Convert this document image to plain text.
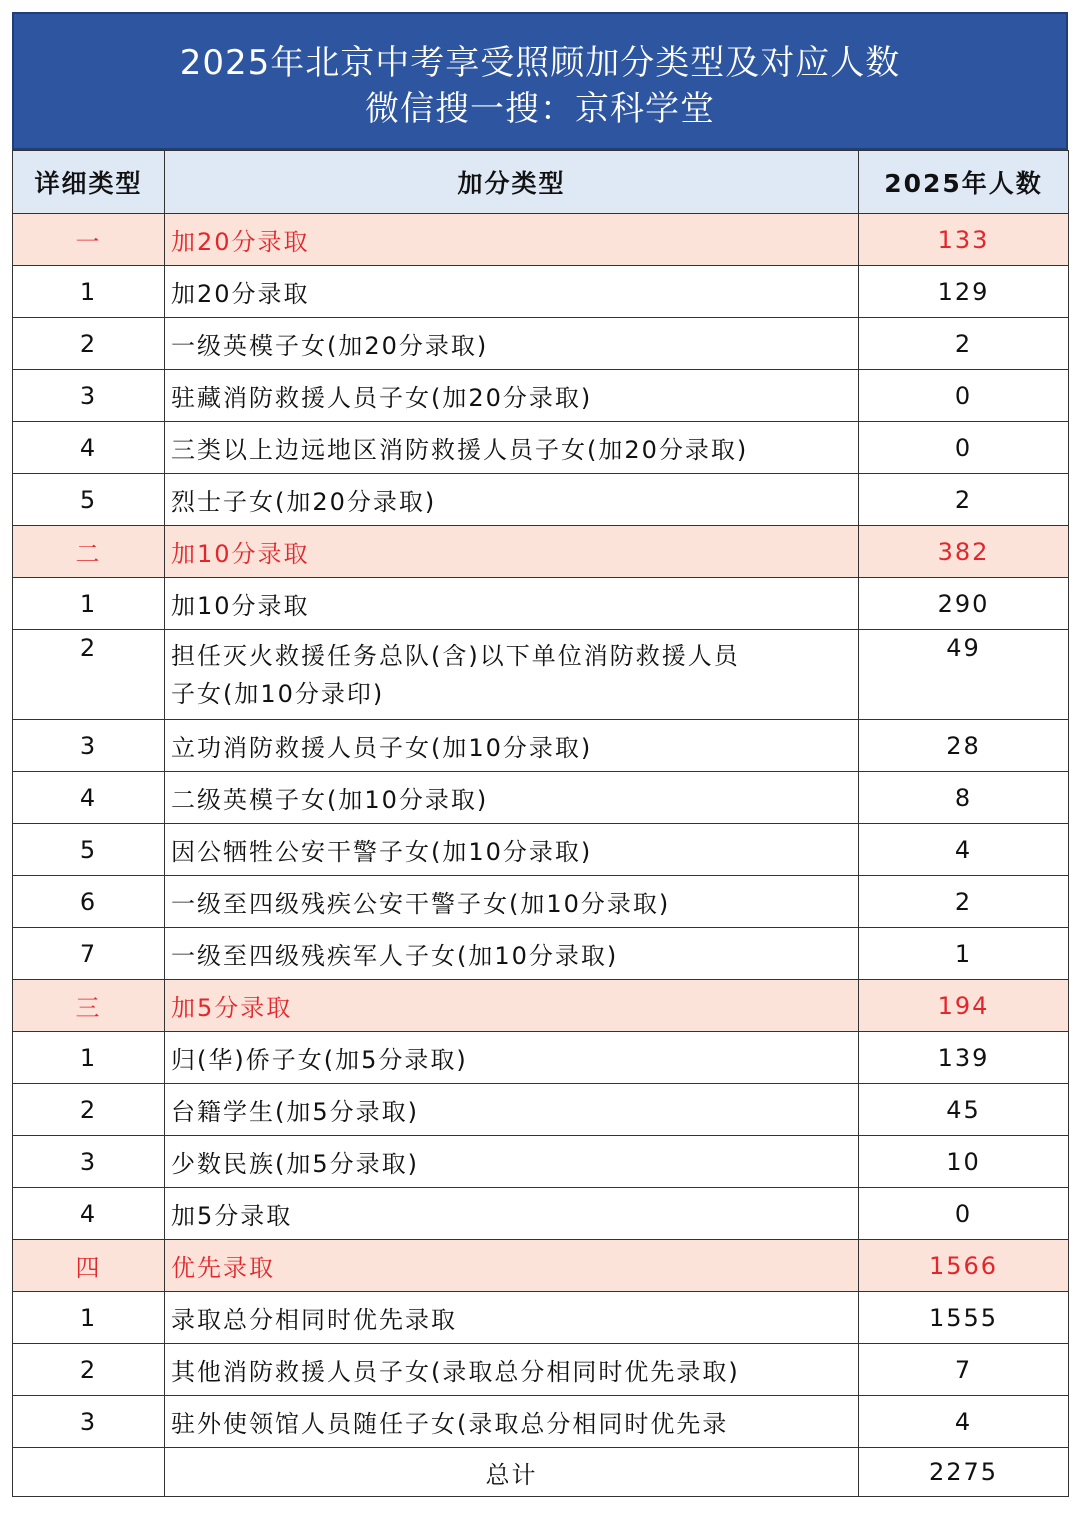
2025年北京中考享受照顾加分类型及对应人数
微信搜一搜：京科学堂
详细类型	加分类型	2025年人数
一	加20分录取	133
1	加20分录取	129
2	一级英模子女(加20分录取)	2
3	驻藏消防救援人员子女(加20分录取)	0
4	三类以上边远地区消防救援人员子女(加20分录取)	0
5	烈士子女(加20分录取)	2
二	加10分录取	382
1	加10分录取	290
2	担任灭火救援任务总队(含)以下单位消防救援人员
子女(加10分录印)	49
3	立功消防救援人员子女(加10分录取)	28
4	二级英模子女(加10分录取)	8
5	因公牺牲公安干警子女(加10分录取)	4
6	一级至四级残疾公安干警子女(加10分录取)	2
7	一级至四级残疾军人子女(加10分录取)	1
三	加5分录取	194
1	归(华)侨子女(加5分录取)	139
2	台籍学生(加5分录取)	45
3	少数民族(加5分录取)	10
4	加5分录取	0
四	优先录取	1566
1	录取总分相同时优先录取	1555
2	其他消防救援人员子女(录取总分相同时优先录取)	7
3	驻外使领馆人员随任子女(录取总分相同时优先录	4
	总计	2275
